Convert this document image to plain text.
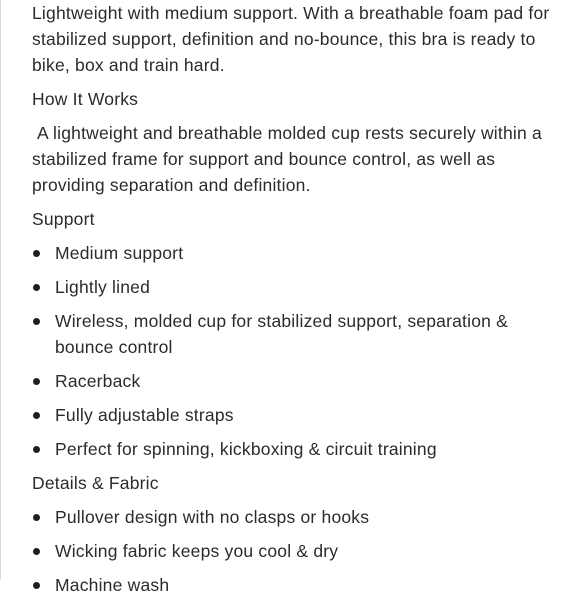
Lightweight with medium support. With a breathable foam pad for stabilized support, definition and no-bounce, this bra is ready to bike, box and train hard.

How It Works

A lightweight and breathable molded cup rests securely within a stabilized frame for support and bounce control, as well as providing separation and definition.

Support

Medium support
Lightly lined
Wireless, molded cup for stabilized support, separation & bounce control
Racerback
Fully adjustable straps
Perfect for spinning, kickboxing & circuit training

Details & Fabric

Pullover design with no clasps or hooks
Wicking fabric keeps you cool & dry
Machine wash
